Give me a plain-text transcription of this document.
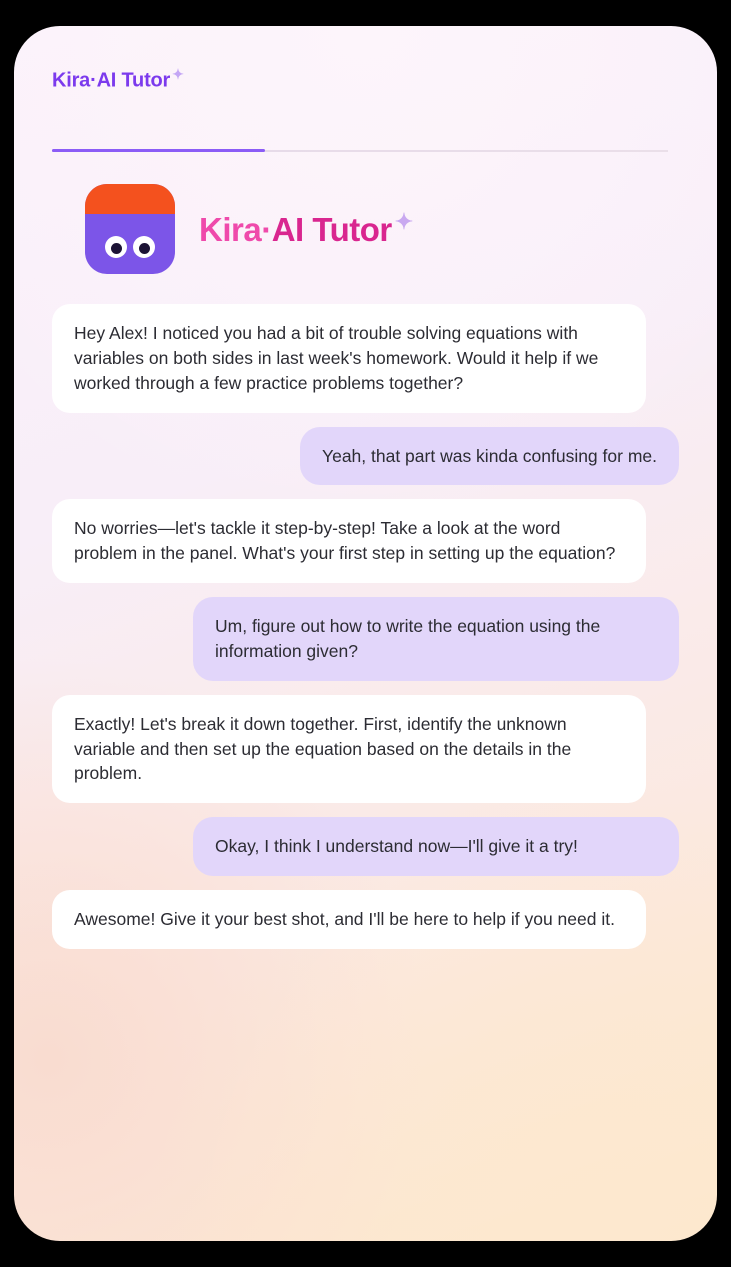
Kira·AI Tutor ✦
Kira·AI Tutor ✦
Hey Alex! I noticed you had a bit of trouble solving equations with variables on both sides in last week's homework. Would it help if we worked through a few practice problems together?
Yeah, that part was kinda confusing for me.
No worries—let's tackle it step-by-step! Take a look at the word problem in the panel. What's your first step in setting up the equation?
Um, figure out how to write the equation using the information given?
Exactly! Let's break it down together. First, identify the unknown variable and then set up the equation based on the details in the problem.
Okay, I think I understand now—I'll give it a try!
Awesome! Give it your best shot, and I'll be here to help if you need it.
